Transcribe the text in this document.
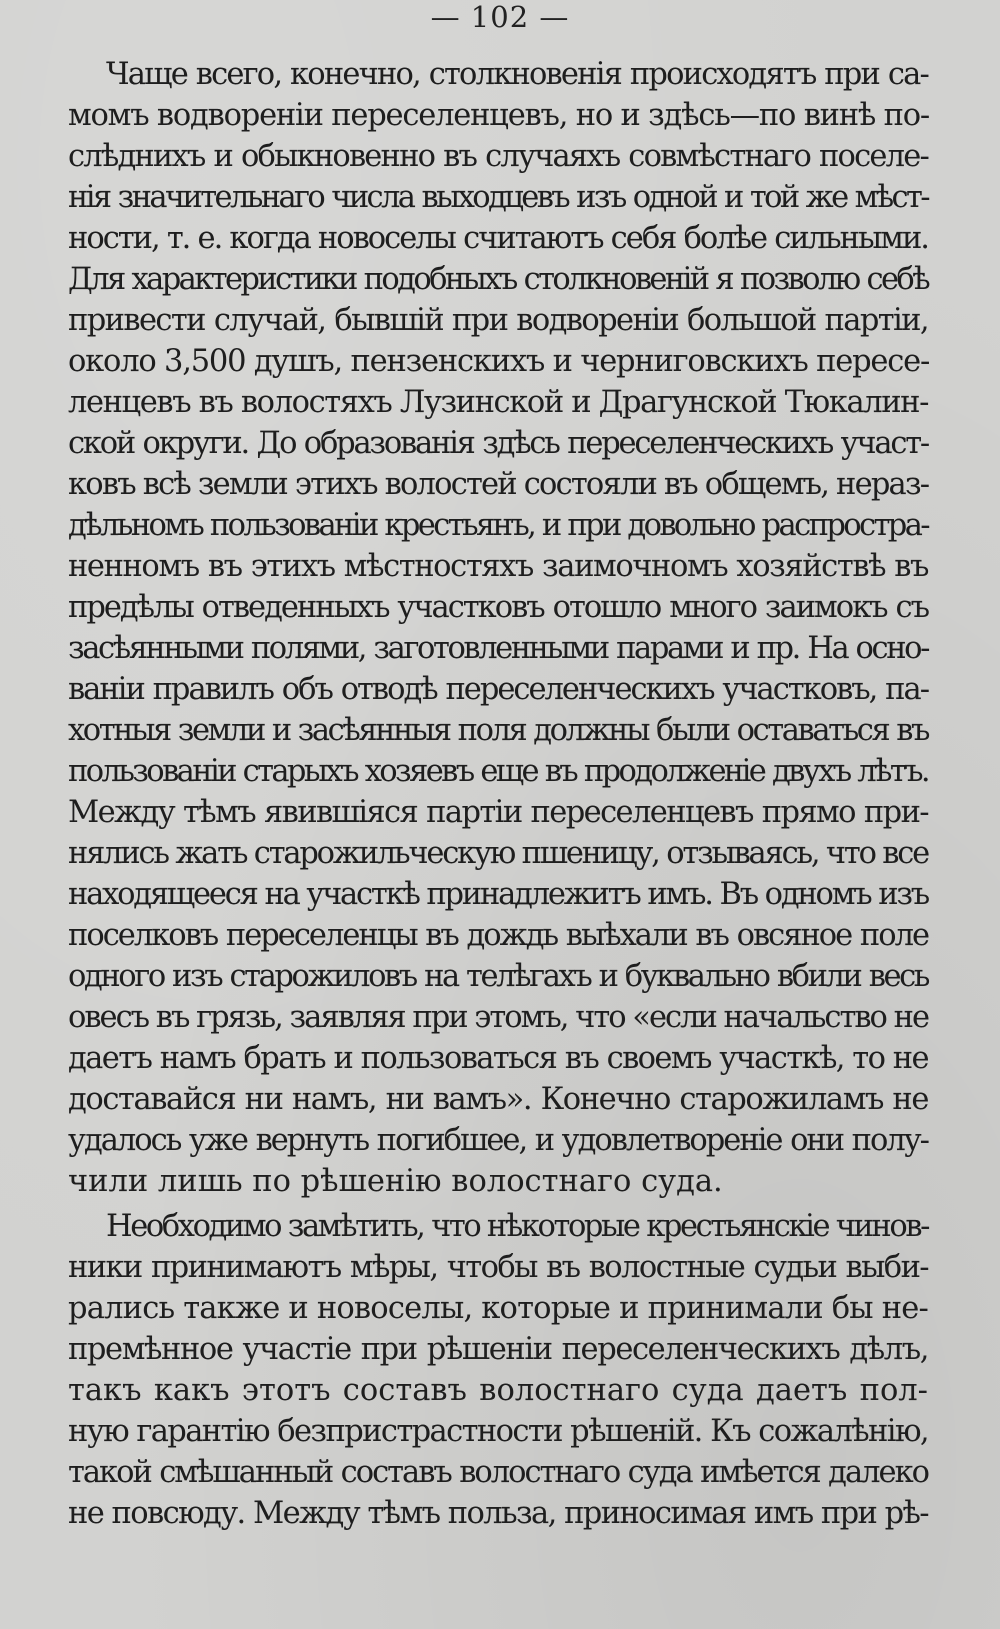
— 102 —

Чаще всего, конечно, столкновенія происходятъ при са-
момъ водвореніи переселенцевъ, но и здѣсь—по винѣ по-
слѣднихъ и обыкновенно въ случаяхъ совмѣстнаго поселе-
нія значительнаго числа выходцевъ изъ одной и той же мѣст-
ности, т. е. когда новоселы считаютъ себя болѣе сильными.
Для характеристики подобныхъ столкновеній я позволю себѣ
привести случай, бывшій при водвореніи большой партіи,
около 3,500 душъ, пензенскихъ и черниговскихъ пересе-
ленцевъ въ волостяхъ Лузинской и Драгунской Тюкалин-
ской округи. До образованія здѣсь переселенческихъ участ-
ковъ всѣ земли этихъ волостей состояли въ общемъ, нераз-
дѣльномъ пользованіи крестьянъ, и при довольно распростра-
ненномъ въ этихъ мѣстностяхъ заимочномъ хозяйствѣ въ
предѣлы отведенныхъ участковъ отошло много заимокъ съ
засѣянными полями, заготовленными парами и пр. На осно-
ваніи правилъ объ отводѣ переселенческихъ участковъ, па-
хотныя земли и засѣянныя поля должны были оставаться въ
пользованіи старыхъ хозяевъ еще въ продолженіе двухъ лѣтъ.
Между тѣмъ явившіяся партіи переселенцевъ прямо при-
нялись жать старожильческую пшеницу, отзываясь, что все
находящееся на участкѣ принадлежитъ имъ. Въ одномъ изъ
поселковъ переселенцы въ дождь выѣхали въ овсяное поле
одного изъ старожиловъ на телѣгахъ и буквально вбили весь
овесъ въ грязь, заявляя при этомъ, что «если начальство не
даетъ намъ брать и пользоваться въ своемъ участкѣ, то не
доставайся ни намъ, ни вамъ». Конечно старожиламъ не
удалось уже вернуть погибшее, и удовлетвореніе они полу-
чили лишь по рѣшенію волостнаго суда.

Необходимо замѣтить, что нѣкоторые крестьянскіе чинов-
ники принимаютъ мѣры, чтобы въ волостные судьи выби-
рались также и новоселы, которые и принимали бы не-
премѣнное участіе при рѣшеніи переселенческихъ дѣлъ,
такъ какъ этотъ составъ волостнаго суда даетъ пол-
ную гарантію безпристрастности рѣшеній. Къ сожалѣнію,
такой смѣшанный составъ волостнаго суда имѣется далеко
не повсюду. Между тѣмъ польза, приносимая имъ при рѣ-
